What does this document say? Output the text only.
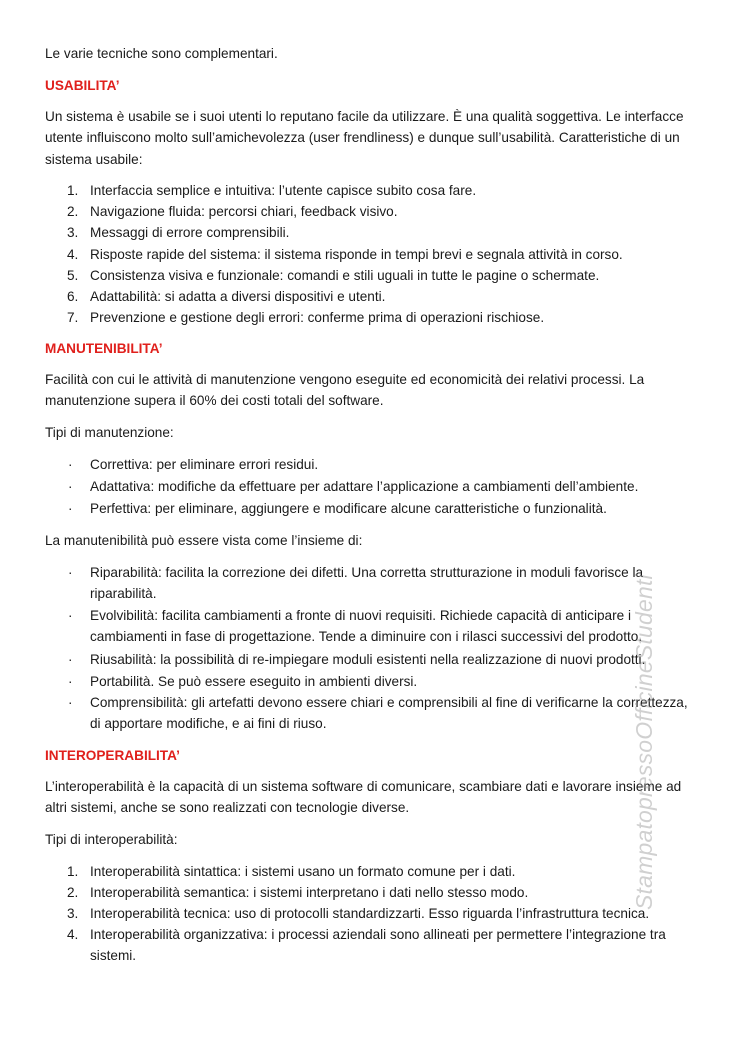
Le varie tecniche sono complementari.

USABILITA’

Un sistema è usabile se i suoi utenti lo reputano facile da utilizzare. È una qualità soggettiva. Le interfacce utente influiscono molto sull’amichevolezza (user frendliness) e dunque sull’usabilità. Caratteristiche di un sistema usabile:

1. Interfaccia semplice e intuitiva: l’utente capisce subito cosa fare.
2. Navigazione fluida: percorsi chiari, feedback visivo.
3. Messaggi di errore comprensibili.
4. Risposte rapide del sistema: il sistema risponde in tempi brevi e segnala attività in corso.
5. Consistenza visiva e funzionale: comandi e stili uguali in tutte le pagine o schermate.
6. Adattabilità: si adatta a diversi dispositivi e utenti.
7. Prevenzione e gestione degli errori: conferme prima di operazioni rischiose.

MANUTENIBILITA’

Facilità con cui le attività di manutenzione vengono eseguite ed economicità dei relativi processi. La manutenzione supera il 60% dei costi totali del software.

Tipi di manutenzione:

· Correttiva: per eliminare errori residui.
· Adattativa: modifiche da effettuare per adattare l’applicazione a cambiamenti dell’ambiente.
· Perfettiva: per eliminare, aggiungere e modificare alcune caratteristiche o funzionalità.

La manutenibilità può essere vista come l’insieme di:

· Riparabilità: facilita la correzione dei difetti. Una corretta strutturazione in moduli favorisce la riparabilità.
· Evolvibilità: facilita cambiamenti a fronte di nuovi requisiti. Richiede capacità di anticipare i cambiamenti in fase di progettazione. Tende a diminuire con i rilasci successivi del prodotto.
· Riusabilità: la possibilità di re-impiegare moduli esistenti nella realizzazione di nuovi prodotti.
· Portabilità. Se può essere eseguito in ambienti diversi.
· Comprensibilità: gli artefatti devono essere chiari e comprensibili al fine di verificarne la correttezza, di apportare modifiche, e ai fini di riuso.

INTEROPERABILITA’

L’interoperabilità è la capacità di un sistema software di comunicare, scambiare dati e lavorare insieme ad altri sistemi, anche se sono realizzati con tecnologie diverse.

Tipi di interoperabilità:

1. Interoperabilità sintattica: i sistemi usano un formato comune per i dati.
2. Interoperabilità semantica: i sistemi interpretano i dati nello stesso modo.
3. Interoperabilità tecnica: uso di protocolli standardizzarti. Esso riguarda l’infrastruttura tecnica.
4. Interoperabilità organizzativa: i processi aziendali sono allineati per permettere l’integrazione tra sistemi.
StampatopressoOfficineStudenti
